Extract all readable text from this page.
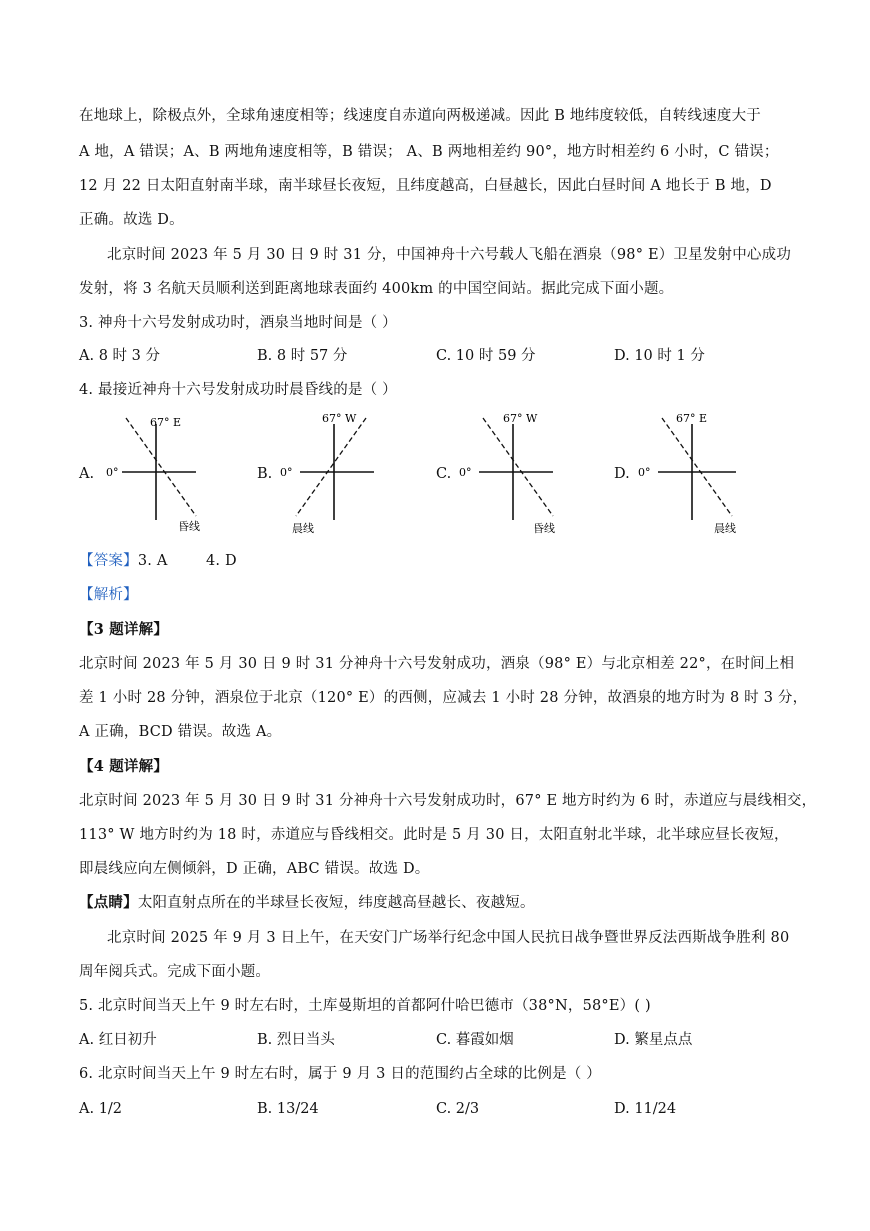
在地球上，除极点外，全球角速度相等；线速度自赤道向两极递减。因此 B 地纬度较低，自转线速度大于
A 地，A 错误；A、B 两地角速度相等，B 错误； A、B 两地相差约 90°，地方时相差约 6 小时，C 错误；
12 月 22 日太阳直射南半球，南半球昼长夜短，且纬度越高，白昼越长，因此白昼时间 A 地长于 B 地，D
正确。故选 D。
北京时间 2023 年 5 月 30 日 9 时 31 分，中国神舟十六号载人飞船在酒泉（98° E）卫星发射中心成功
发射，将 3 名航天员顺利送到距离地球表面约 400km 的中国空间站。据此完成下面小题。
3. 神舟十六号发射成功时，酒泉当地时间是（ ）
A. 8 时 3 分	B. 8 时 57 分	C. 10 时 59 分	D. 10 时 1 分
4. 最接近神舟十六号发射成功时晨昏线的是（ ）
A.
67° E
0°
昏线
B.
67° W
0°
晨线
C.
67° W
0°
昏线
D.
67° E
0°
晨线
【答案】3. A        4. D
【解析】
【3 题详解】
北京时间 2023 年 5 月 30 日 9 时 31 分神舟十六号发射成功，酒泉（98° E）与北京相差 22°，在时间上相
差 1 小时 28 分钟，酒泉位于北京（120° E）的西侧，应减去 1 小时 28 分钟，故酒泉的地方时为 8 时 3 分，
A 正确，BCD 错误。故选 A。
【4 题详解】
北京时间 2023 年 5 月 30 日 9 时 31 分神舟十六号发射成功时，67° E 地方时约为 6 时，赤道应与晨线相交，
113° W 地方时约为 18 时，赤道应与昏线相交。此时是 5 月 30 日，太阳直射北半球，北半球应昼长夜短，
即晨线应向左侧倾斜，D 正确，ABC 错误。故选 D。
【点睛】太阳直射点所在的半球昼长夜短，纬度越高昼越长、夜越短。
北京时间 2025 年 9 月 3 日上午，在天安门广场举行纪念中国人民抗日战争暨世界反法西斯战争胜利 80
周年阅兵式。完成下面小题。
5. 北京时间当天上午 9 时左右时，土库曼斯坦的首都阿什哈巴德市（38°N，58°E）( )
A. 红日初升	B. 烈日当头	C. 暮霞如烟	D. 繁星点点
6. 北京时间当天上午 9 时左右时，属于 9 月 3 日的范围约占全球的比例是（ ）
A. 1/2	B. 13/24	C. 2/3	D. 11/24
